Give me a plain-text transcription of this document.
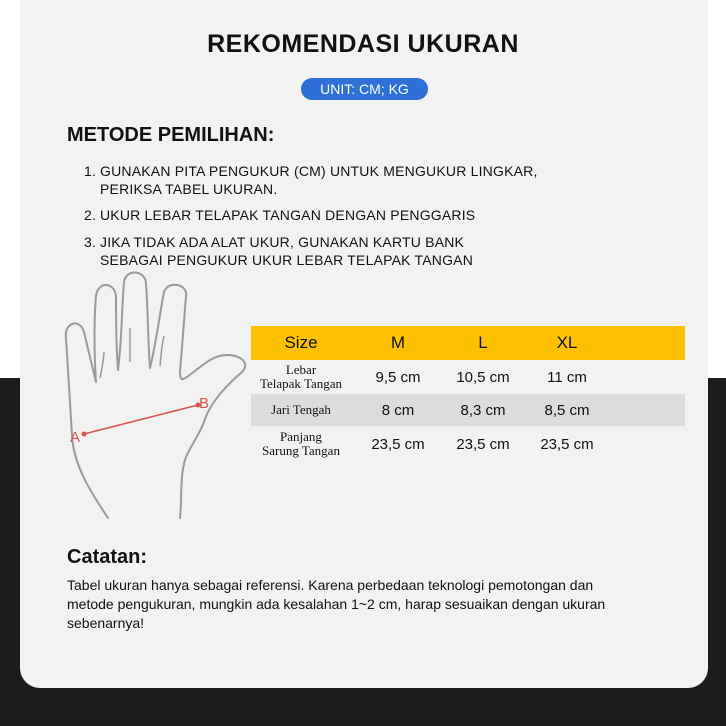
REKOMENDASI UKURAN
UNIT: CM; KG
METODE PEMILIHAN:
1. GUNAKAN PITA PENGUKUR (CM) UNTUK MENGUKUR LINGKAR,
PERIKSA TABEL UKURAN.
2. UKUR LEBAR TELAPAK TANGAN DENGAN PENGGARIS
3. JIKA TIDAK ADA ALAT UKUR, GUNAKAN KARTU BANK
SEBAGAI PENGUKUR UKUR LEBAR TELAPAK TANGAN
A
B
Size	M	L	XL
Lebar
Telapak Tangan	9,5 cm	10,5 cm	11 cm
Jari Tengah	8 cm	8,3 cm	8,5 cm
Panjang
Sarung Tangan	23,5 cm	23,5 cm	23,5 cm
Catatan:
Tabel ukuran hanya sebagai referensi. Karena perbedaan teknologi pemotongan dan metode pengukuran, mungkin ada kesalahan 1~2 cm, harap sesuaikan dengan ukuran sebenarnya!
